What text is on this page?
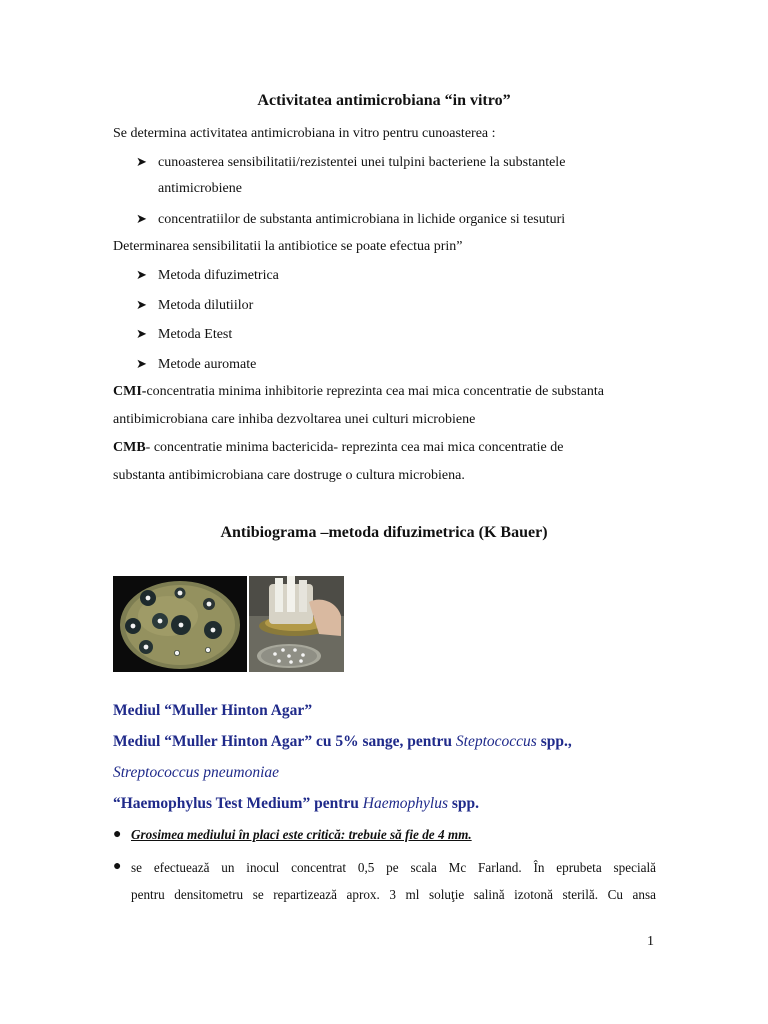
Activitatea antimicrobiana “in vitro”
Se determina activitatea antimicrobiana in vitro pentru cunoasterea :
➤ cunoasterea sensibilitatii/rezistentei unei tulpini bacteriene la substantele
antimicrobiene
➤ concentratiilor de substanta antimicrobiana in lichide organice si tesuturi
Determinarea sensibilitatii la antibiotice se poate efectua prin”
➤ Metoda difuzimetrica
➤ Metoda dilutiilor
➤ Metoda Etest
➤ Metode auromate
CMI-concentratia minima inhibitorie reprezinta cea mai mica concentratie de substanta
antibimicrobiana care inhiba dezvoltarea unei culturi microbiene
CMB- concentratie minima bactericida- reprezinta cea mai mica concentratie de
substanta antibimicrobiana care dostruge o cultura microbiena.
Antibiograma –metoda difuzimetrica (K Bauer)
Mediul “Muller Hinton Agar”
Mediul “Muller Hinton Agar” cu 5% sange, pentru Steptococcus spp.,
Streptococcus pneumoniae
“Haemophylus Test Medium” pentru Haemophylus spp.
● Grosimea mediului în placi este critică: trebuie să fie de 4 mm.
● se efectuează un inocul concentrat 0,5 pe scala Mc Farland. În eprubeta specială
pentru densitometru se repartizează aprox. 3 ml soluţie salină izotonă sterilă. Cu ansa
1
